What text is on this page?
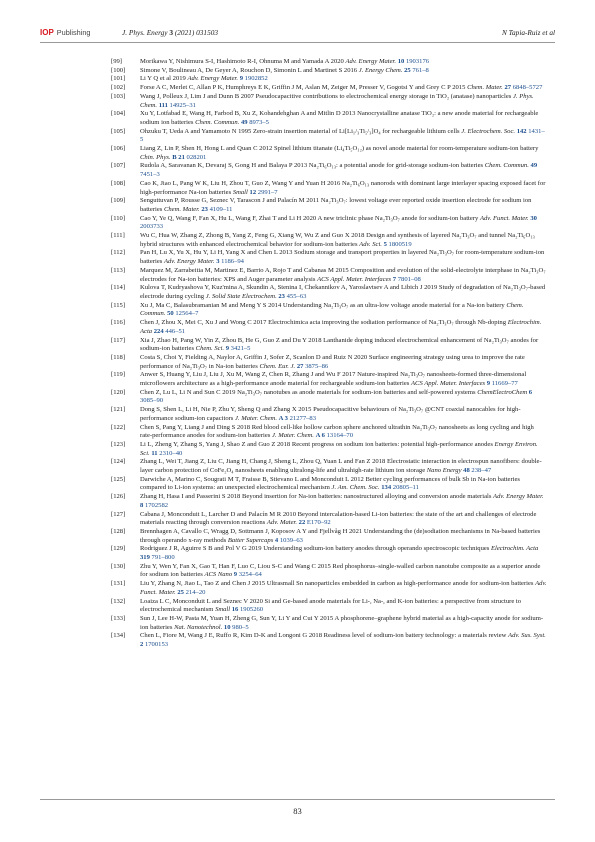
IOP Publishing	J. Phys. Energy 3 (2021) 031503	N Tapia-Ruiz et al
[99]	Morikawa Y, Nishimura S-I, Hashimoto R-I, Ohnuma M and Yamada A 2020 Adv. Energy Mater. 10 1903176
[100]	Simone V, Boulineau A, De Geyer A, Rouchon D, Simonin L and Martinet S 2016 J. Energy Chem. 25 761–8
[101]	Li Y Q et al 2019 Adv. Energy Mater. 9 1902852
[102]	Forse A C, Merlet C, Allan P K, Humphreys E K, Griffin J M, Aslan M, Zeiger M, Presser V, Gogotsi Y and Grey C P 2015 Chem. Mater. 27 6848–5727
[103]	Wang J, Polleux J, Lim J and Dunn B 2007 Pseudocapacitive contributions to electrochemical energy storage in TiO₂ (anatase) nanoparticles J. Phys. Chem. 111 14925–31
[104]	Xu Y, Lotfabad E, Wang H, Farbod B, Xu Z, Kohandehghan A and Mitlin D 2013 Nanocrystalline anatase TiO₂: a new anode material for rechargeable sodium ion batteries Chem. Commun. 49 8973–5
[105]	Ohzuku T, Ueda A and Yamamoto N 1995 Zero-strain insertion material of Li[Li₁/₃Ti₅/₃]O₄ for rechargeable lithium cells J. Electrochem. Soc. 142 1431–5
[106]	Liang Z, Lin P, Shen H, Hong L and Quan C 2012 Spinel lithium titanate (Li₄Ti₅O₁₂) as novel anode material for room-temperature sodium-ion battery Chin. Phys. B 21 028201
[107]	Rudola A, Saravanan K, Devaraj S, Gong H and Balaya P 2013 Na₂Ti₆O₁₃: a potential anode for grid-storage sodium-ion batteries Chem. Commun. 49 7451–3
[108]	Cao K, Jiao L, Pang W K, Liu H, Zhou T, Guo Z, Wang Y and Yuan H 2016 Na₂Ti₆O₁₃ nanorods with dominant large interlayer spacing exposed facet for high-performance Na-ion batteries Small 12 2991–7
[109]	Senguttuvan P, Rousse G, Seznec V, Tarascon J and Palacín M 2011 Na₂Ti₃O₇: lowest voltage ever reported oxide insertion electrode for sodium ion batteries Chem. Mater. 23 4109–11
[110]	Cao Y, Ye Q, Wang F, Fan X, Hu L, Wang F, Zhai T and Li H 2020 A new triclinic phase Na₂Ti₃O₇ anode for sodium-ion battery Adv. Funct. Mater. 30 2003733
[111]	Wu C, Hua W, Zhang Z, Zhong B, Yang Z, Feng G, Xiang W, Wu Z and Guo X 2018 Design and synthesis of layered Na₂Ti₃O₇ and tunnel Na₂Ti₆O₁₃ hybrid structures with enhanced electrochemical behavior for sodium-ion batteries Adv. Sci. 5 1800519
[112]	Pan H, Lu X, Yu X, Hu Y, Li H, Yang X and Chen L 2013 Sodium storage and transport properties in layered Na₂Ti₃O₇ for room-temperature sodium-ion batteries Adv. Energy Mater. 3 1186–94
[113]	Marquez M, Zarrabeitia M, Martinez E, Barrio A, Rojo T and Cabanas M 2015 Composition and evolution of the solid-electrolyte interphase in Na₂Ti₃O₇ electrodes for Na-ion batteries: XPS and Auger parameter analysis ACS Appl. Mater. Interfaces 7 7801–08
[114]	Kulova T, Kudryashova Y, Kuz'mina A, Skundin A, Stenina I, Chekannikov A, Yaroslavtsev A and Libich J 2019 Study of degradation of Na₂Ti₃O₇-based electrode during cycling J. Solid State Electrochem. 23 455–63
[115]	Xu J, Ma C, Balasubramanian M and Meng Y S 2014 Understanding Na₂Ti₃O₇ as an ultra-low voltage anode material for a Na-ion battery Chem. Commun. 50 12564–7
[116]	Chen J, Zhou X, Mei C, Xu J and Wong C 2017 Electrochimica acta improving the sodiation performance of Na₂Ti₃O₇ through Nb-doping Electrochim. Acta 224 446–51
[117]	Xia J, Zhao H, Pang W, Yin Z, Zhou B, He G, Guo Z and Du Y 2018 Lanthanide doping induced electrochemical enhancement of Na₂Ti₃O₇ anodes for sodium-ion batteries Chem. Sci. 9 3421–5
[118]	Costa S, Choi Y, Fielding A, Naylor A, Griffin J, Sofer Z, Scanlon D and Ruiz N 2020 Surface engineering strategy using urea to improve the rate performance of Na₂Ti₃O₇ in Na-ion batteries Chem. Eur. J. 27 3875–86
[119]	Anwer S, Huang Y, Liu J, Liu J, Xu M, Wang Z, Chen R, Zhang J and Wu F 2017 Nature-inspired Na₂Ti₃O₇ nanosheets-formed three-dimensional microflowers architecture as a high-performance anode material for rechargeable sodium-ion batteries ACS Appl. Mater. Interfaces 9 11669–77
[120]	Chen Z, Lu L, Li N and Sun C 2019 Na₂Ti₃O₇ nanotubes as anode materials for sodium-ion batteries and self-powered systems ChemElectroChem 6 3085–90
[121]	Dong S, Shen L, Li H, Nie P, Zhu Y, Sheng Q and Zhang X 2015 Pseudocapacitive behaviours of Na₂Ti₃O₇ @CNT coaxial nanocables for high-performance sodium-ion capacitors J. Mater. Chem. A 3 21277–83
[122]	Chen S, Pang Y, Liang J and Ding S 2018 Red blood cell-like hollow carbon sphere anchored ultrathin Na₂Ti₃O₇ nanosheets as long cycling and high rate-performance anodes for sodium-ion batteries J. Mater. Chem. A 6 13164–70
[123]	Li L, Zheng Y, Zhang S, Yang J, Shao Z and Guo Z 2018 Recent progress on sodium ion batteries: potential high-performance anodes Energy Environ. Sci. 11 2310–40
[124]	Zhang L, Wei T, Jiang Z, Liu C, Jiang H, Chang J, Sheng L, Zhou Q, Yuan L and Fan Z 2018 Electrostatic interaction in electrospun nanofibers: double-layer carbon protection of CoFe₂O₄ nanosheets enabling ultralong-life and ultrahigh-rate lithium ion storage Nano Energy 48 238–47
[125]	Darwiche A, Marino C, Sougrati M T, Fraisse B, Stievano L and Monconduit L 2012 Better cycling performances of bulk Sb in Na-ion batteries compared to Li-ion systems: an unexpected electrochemical mechanism J. Am. Chem. Soc. 134 20805–11
[126]	Zhang H, Hasa I and Passerini S 2018 Beyond insertion for Na-ion batteries: nanostructured alloying and conversion anode materials Adv. Energy Mater. 8 1702582
[127]	Cabana J, Monconduit L, Larcher D and Palacín M R 2010 Beyond intercalation-based Li-ion batteries: the state of the art and challenges of electrode materials reacting through conversion reactions Adv. Mater. 22 E170–92
[128]	Brennhagen A, Cavallo C, Wragg D, Sottmann J, Koposov A Y and Fjellvåg H 2021 Understanding the (de)sodiation mechanisms in Na-based batteries through operando x-ray methods Batter Supercaps 4 1039–63
[129]	Rodriguez J R, Aguirre S B and Pol V G 2019 Understanding sodium-ion battery anodes through operando spectroscopic techniques Electrochim. Acta 319 791–800
[130]	Zhu Y, Wen Y, Fan X, Gao T, Han F, Luo C, Liou S-C and Wang C 2015 Red phosphorus–single-walled carbon nanotube composite as a superior anode for sodium ion batteries ACS Nano 9 3254–64
[131]	Liu Y, Zhang N, Jiao L, Tao Z and Chen J 2015 Ultrasmall Sn nanoparticles embedded in carbon as high-performance anode for sodium-ion batteries Adv. Funct. Mater. 25 214–20
[132]	Loaiza L C, Monconduit L and Seznec V 2020 Si and Ge-based anode materials for Li-, Na-, and K-ion batteries: a perspective from structure to electrochemical mechanism Small 16 1905260
[133]	Sun J, Lee H-W, Pasta M, Yuan H, Zheng G, Sun Y, Li Y and Cui Y 2015 A phosphorene–graphene hybrid material as a high-capacity anode for sodium-ion batteries Nat. Nanotechnol. 10 980–5
[134]	Chen L, Fiore M, Wang J E, Ruffo R, Kim D-K and Longoni G 2018 Readiness level of sodium-ion battery technology: a materials review Adv. Sus. Syst. 2 1700153
83
